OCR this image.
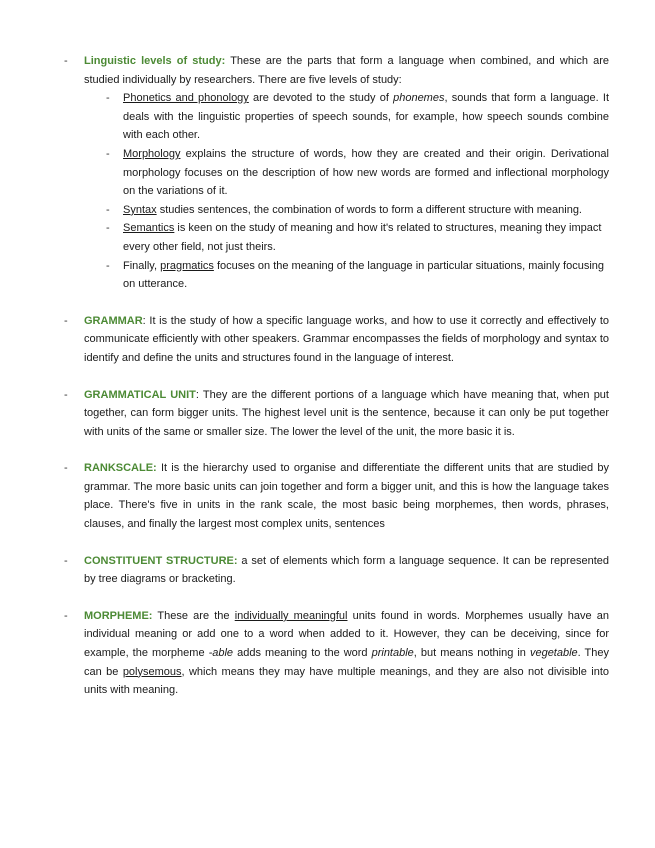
- Linguistic levels of study: These are the parts that form a language when combined, and which are studied individually by researchers. There are five levels of study:
- Phonetics and phonology are devoted to the study of phonemes, sounds that form a language. It deals with the linguistic properties of speech sounds, for example, how speech sounds combine with each other.
- Morphology explains the structure of words, how they are created and their origin. Derivational morphology focuses on the description of how new words are formed and inflectional morphology on the variations of it.
- Syntax studies sentences, the combination of words to form a different structure with meaning.
- Semantics is keen on the study of meaning and how it's related to structures, meaning they impact every other field, not just theirs.
- Finally, pragmatics focuses on the meaning of the language in particular situations, mainly focusing on utterance.
- GRAMMAR: It is the study of how a specific language works, and how to use it correctly and effectively to communicate efficiently with other speakers. Grammar encompasses the fields of morphology and syntax to identify and define the units and structures found in the language of interest.
- GRAMMATICAL UNIT: They are the different portions of a language which have meaning that, when put together, can form bigger units. The highest level unit is the sentence, because it can only be put together with units of the same or smaller size. The lower the level of the unit, the more basic it is.
- RANKSCALE: It is the hierarchy used to organise and differentiate the different units that are studied by grammar. The more basic units can join together and form a bigger unit, and this is how the language takes place. There's five in units in the rank scale, the most basic being morphemes, then words, phrases, clauses, and finally the largest most complex units, sentences
- CONSTITUENT STRUCTURE: a set of elements which form a language sequence. It can be represented by tree diagrams or bracketing.
- MORPHEME: These are the individually meaningful units found in words. Morphemes usually have an individual meaning or add one to a word when added to it. However, they can be deceiving, since for example, the morpheme -able adds meaning to the word printable, but means nothing in vegetable. They can be polysemous, which means they may have multiple meanings, and they are also not divisible into units with meaning.
